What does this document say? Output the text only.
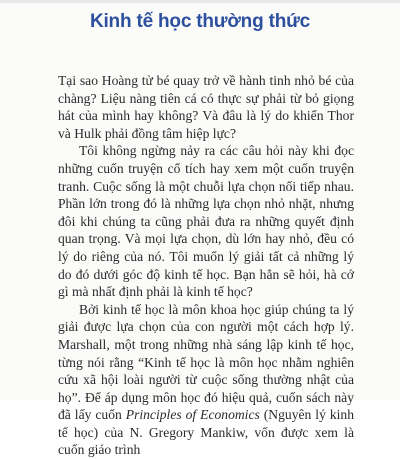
Kinh tế học thường thức

Tại sao Hoàng tử bé quay trở về hành tinh nhỏ bé của chàng? Liệu nàng tiên cá có thực sự phải từ bỏ giọng hát của mình hay không? Và đâu là lý do khiến Thor và Hulk phải đồng tâm hiệp lực?

Tôi không ngừng nảy ra các câu hỏi này khi đọc những cuốn truyện cổ tích hay xem một cuốn truyện tranh. Cuộc sống là một chuỗi lựa chọn nối tiếp nhau. Phần lớn trong đó là những lựa chọn nhỏ nhặt, nhưng đôi khi chúng ta cũng phải đưa ra những quyết định quan trọng. Và mọi lựa chọn, dù lớn hay nhỏ, đều có lý do riêng của nó. Tôi muốn lý giải tất cả những lý do đó dưới góc độ kinh tế học. Bạn hẳn sẽ hỏi, hà cớ gì mà nhất định phải là kinh tế học?

Bởi kinh tế học là môn khoa học giúp chúng ta lý giải được lựa chọn của con người một cách hợp lý. Marshall, một trong những nhà sáng lập kinh tế học, từng nói rằng “Kinh tế học là môn học nhằm nghiên cứu xã hội loài người từ cuộc sống thường nhật của họ”. Để áp dụng môn học đó hiệu quả, cuốn sách này đã lấy cuốn Principles of Economics (Nguyên lý kinh tế học) của N. Gregory Mankiw, vốn được xem là cuốn giáo trình
